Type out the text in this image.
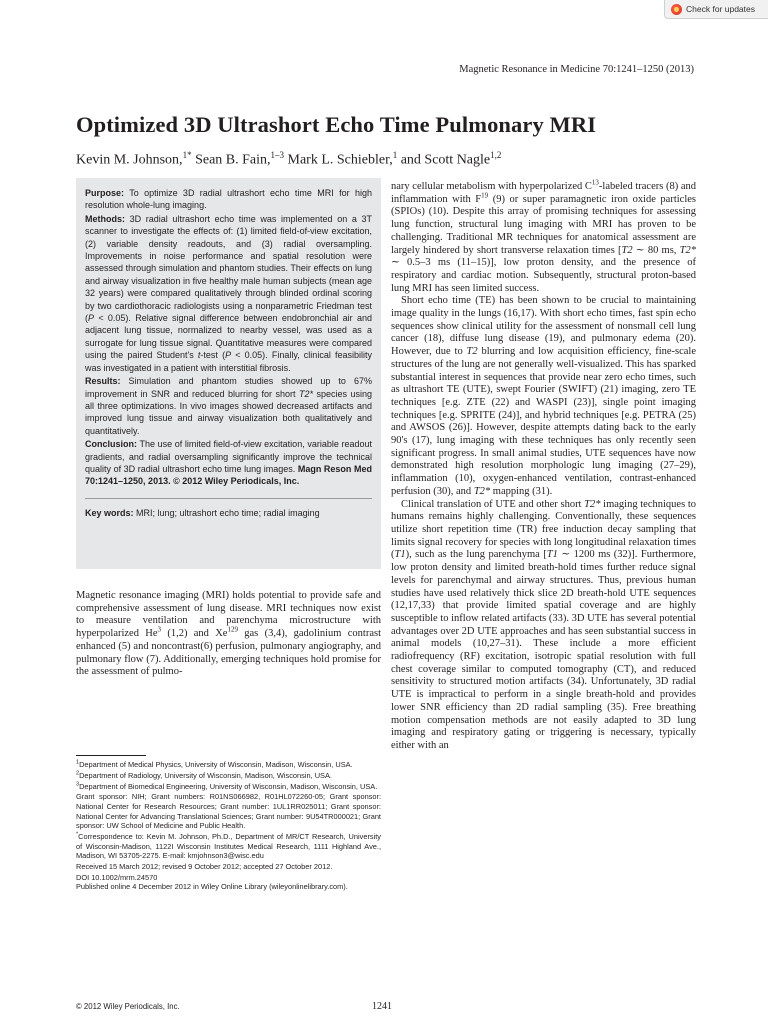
Check for updates
Magnetic Resonance in Medicine 70:1241–1250 (2013)
Optimized 3D Ultrashort Echo Time Pulmonary MRI
Kevin M. Johnson,$^{1*}$ Sean B. Fain,$^{1-3}$ Mark L. Schiebler,$^1$ and Scott Nagle$^{1,2}$

Purpose: To optimize 3D radial ultrashort echo time MRI for high resolution whole-lung imaging.

Methods: 3D radial ultrashort echo time was implemented on a 3T scanner to investigate the effects of: (1) limited field-of-view excitation, (2) variable density readouts, and (3) radial oversampling. Improvements in noise performance and spatial resolution were assessed through simulation and phantom studies. Their effects on lung and airway visualization in five healthy male human subjects (mean age 32 years) were compared qualitatively through blinded ordinal scoring by two cardiothoracic radiologists using a nonparametric Friedman test (P < 0.05). Relative signal difference between endobronchial air and adjacent lung tissue, normalized to nearby vessel, was used as a surrogate for lung tissue signal. Quantitative measures were compared using the paired Student's t-test (P < 0.05). Finally, clinical feasibility was investigated in a patient with interstitial fibrosis.

Results: Simulation and phantom studies showed up to 67% improvement in SNR and reduced blurring for short T2* species using all three optimizations. In vivo images showed decreased artifacts and improved lung tissue and airway visualization both qualitatively and quantitatively.

Conclusion: The use of limited field-of-view excitation, variable readout gradients, and radial oversampling significantly improve the technical quality of 3D radial ultrashort echo time lung images. Magn Reson Med 70:1241–1250, 2013. © 2012 Wiley Periodicals, Inc.

Key words: MRI; lung; ultrashort echo time; radial imaging

Magnetic resonance imaging (MRI) holds potential to provide safe and comprehensive assessment of lung disease. MRI techniques now exist to measure ventilation and parenchyma microstructure with hyperpolarized He$^3$ (1,2) and Xe$^{129}$ gas (3,4), gadolinium contrast enhanced (5) and noncontrast(6) perfusion, pulmonary angiography, and pulmonary flow (7). Additionally, emerging techniques hold promise for the assessment of pulmo-

$^1$Department of Medical Physics, University of Wisconsin, Madison, Wisconsin, USA.

$^2$Department of Radiology, University of Wisconsin, Madison, Wisconsin, USA.

$^3$Department of Biomedical Engineering, University of Wisconsin, Madison, Wisconsin, USA.

Grant sponsor: NIH; Grant numbers: R01NS066982, R01HL072260-05; Grant sponsor: National Center for Research Resources; Grant number: 1UL1RR025011; Grant sponsor: National Center for Advancing Translational Sciences; Grant number: 9U54TR000021; Grant sponsor: UW School of Medicine and Public Health.

*Correspondence to: Kevin M. Johnson, Ph.D., Department of MR/CT Research, University of Wisconsin-Madison, 1122I Wisconsin Institutes Medical Research, 1111 Highland Ave., Madison, WI 53705-2275. E-mail: kmjohnson3@wisc.edu

Received 15 March 2012; revised 9 October 2012; accepted 27 October 2012.

DOI 10.1002/mrm.24570

Published online 4 December 2012 in Wiley Online Library (wileyonlinelibrary.com).

nary cellular metabolism with hyperpolarized $C^{13}$-labeled tracers (8) and inflammation with $F^{19}$ (9) or super paramagnetic iron oxide particles (SPIOs) (10). Despite this array of promising techniques for assessing lung function, structural lung imaging with MRI has proven to be challenging. Traditional MR techniques for anatomical assessment are largely hindered by short transverse relaxation times [T2 ∼ 80 ms, T2* ∼ 0.5–3 ms (11–15)], low proton density, and the presence of respiratory and cardiac motion. Subsequently, structural proton-based lung MRI has seen limited success.

Short echo time (TE) has been shown to be crucial to maintaining image quality in the lungs (16,17). With short echo times, fast spin echo sequences show clinical utility for the assessment of nonsmall cell lung cancer (18), diffuse lung disease (19), and pulmonary edema (20). However, due to T2 blurring and low acquisition efficiency, fine-scale structures of the lung are not generally well-visualized. This has sparked substantial interest in sequences that provide near zero echo times, such as ultrashort TE (UTE), swept Fourier (SWIFT) (21) imaging, zero TE techniques [e.g. ZTE (22) and WASPI (23)], single point imaging techniques [e.g. SPRITE (24)], and hybrid techniques [e.g. PETRA (25) and AWSOS (26)]. However, despite attempts dating back to the early 90's (17), lung imaging with these techniques has only recently seen significant progress. In small animal studies, UTE sequences have now demonstrated high resolution morphologic lung imaging (27–29), inflammation (10), oxygen-enhanced ventilation, contrast-enhanced perfusion (30), and T2* mapping (31).

Clinical translation of UTE and other short T2* imaging techniques to humans remains highly challenging. Conventionally, these sequences utilize short repetition time (TR) free induction decay sampling that limits signal recovery for species with long longitudinal relaxation times (T1), such as the lung parenchyma [T1 ∼ 1200 ms (32)]. Furthermore, low proton density and limited breath-hold times further reduce signal levels for parenchymal and airway structures. Thus, previous human studies have used relatively thick slice 2D breath-hold UTE sequences (12,17,33) that provide limited spatial coverage and are highly susceptible to inflow related artifacts (33). 3D UTE has several potential advantages over 2D UTE approaches and has seen substantial success in animal models (10,27–31). These include a more efficient radiofrequency (RF) excitation, isotropic spatial resolution with full chest coverage similar to computed tomography (CT), and reduced sensitivity to structured motion artifacts (34). Unfortunately, 3D radial UTE is impractical to perform in a single breath-hold and provides lower SNR efficiency than 2D radial sampling (35). Free breathing motion compensation methods are not easily adapted to 3D lung imaging and respiratory gating or triggering is necessary, typically either with an

© 2012 Wiley Periodicals, Inc.	1241
